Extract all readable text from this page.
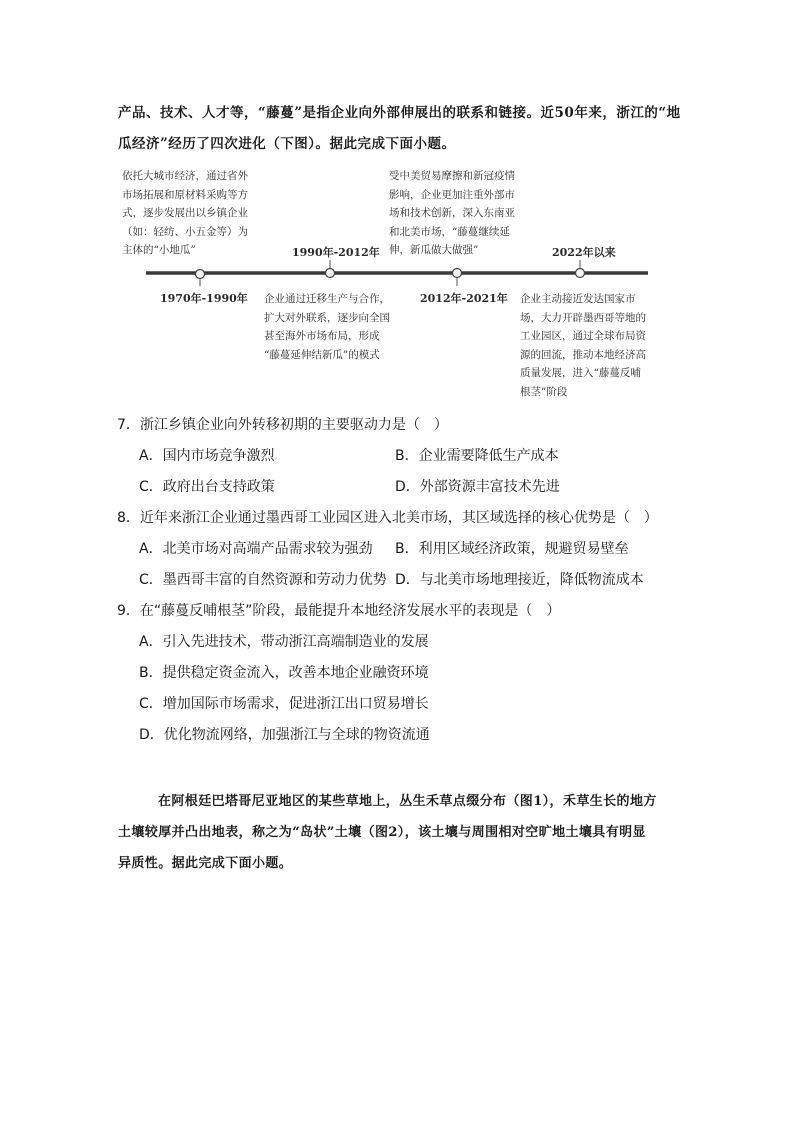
产品、技术、人才等，“藤蔓”是指企业向外部伸展出的联系和链接。近50年来，浙江的“地

瓜经济”经历了四次进化（下图）。据此完成下面小题。

依托大城市经济，通过省外
市场拓展和原材料采购等方
式，逐步发展出以乡镇企业
（如：轻纺、小五金等）为
主体的“小地瓜”

受中美贸易摩擦和新冠疫情
影响，企业更加注重外部市
场和技术创新，深入东南亚
和北美市场，“藤蔓继续延
伸，新瓜做大做强”

企业通过迁移生产与合作，
扩大对外联系，逐步向全国
甚至海外市场布局，形成
“藤蔓延伸结新瓜”的模式

企业主动接近发达国家市
场，大力开辟墨西哥等地的
工业园区，通过全球布局资
源的回流，推动本地经济高
质量发展，进入“藤蔓反哺
根茎”阶段

1970年-1990年
1990年-2012年
2012年-2021年
2022年以来

7．浙江乡镇企业向外转移初期的主要驱动力是（　）

A．国内市场竞争激烈	B．企业需要降低生产成本
C．政府出台支持政策	D．外部资源丰富技术先进

8．近年来浙江企业通过墨西哥工业园区进入北美市场，其区域选择的核心优势是（　）

A．北美市场对高端产品需求较为强劲 B．利用区域经济政策，规避贸易壁垒
C．墨西哥丰富的自然资源和劳动力优势 D．与北美市场地理接近，降低物流成本

9．在“藤蔓反哺根茎”阶段，最能提升本地经济发展水平的表现是（　）

A．引入先进技术，带动浙江高端制造业的发展
B．提供稳定资金流入，改善本地企业融资环境
C．增加国际市场需求，促进浙江出口贸易增长
D．优化物流网络，加强浙江与全球的物资流通

在阿根廷巴塔哥尼亚地区的某些草地上，丛生禾草点缀分布（图1），禾草生长的地方

土壤较厚并凸出地表，称之为“岛状”土壤（图2），该土壤与周围相对空旷地土壤具有明显

异质性。据此完成下面小题。
